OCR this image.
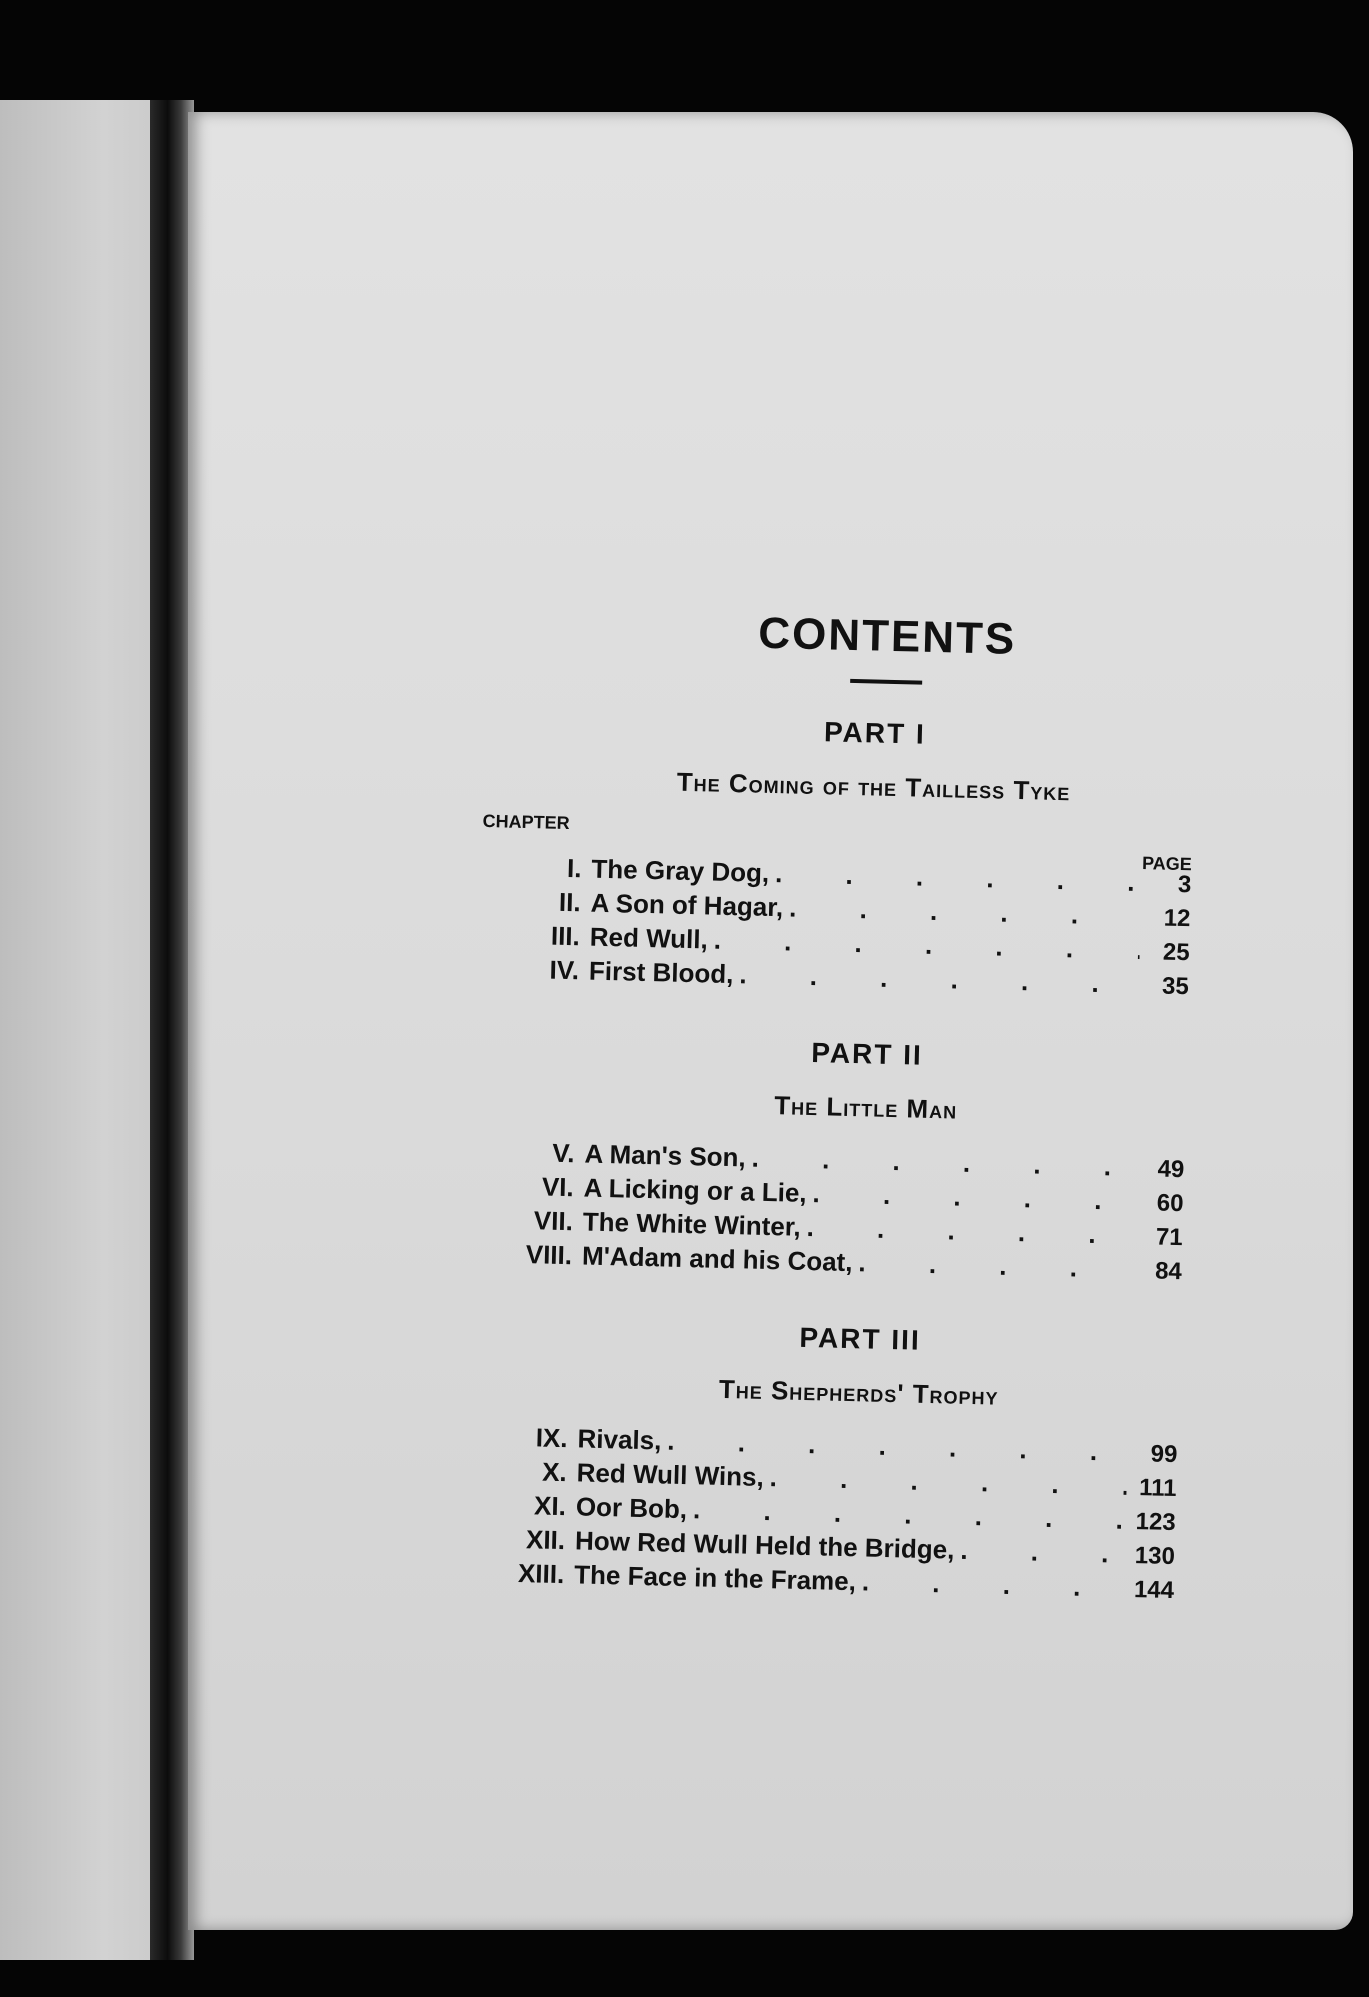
CONTENTS
PART I
The Coming of the Tailless Tyke
CHAPTER
PAGE
I. The Gray Dog, . . .	3
II. A Son of Hagar, . . .	12
III. Red Wull, . . .	25
IV. First Blood, . . .	35
PART II
The Little Man
V. A Man's Son, . . .	49
VI. A Licking or a Lie, . . .	60
VII. The White Winter, . . .	71
VIII. M'Adam and his Coat, . . .	84
PART III
The Shepherds' Trophy
IX. Rivals, . . .	99
X. Red Wull Wins, . . .	111
XI. Oor Bob, . . .	123
XII. How Red Wull Held the Bridge, . . .	130
XIII. The Face in the Frame, . . .	144
